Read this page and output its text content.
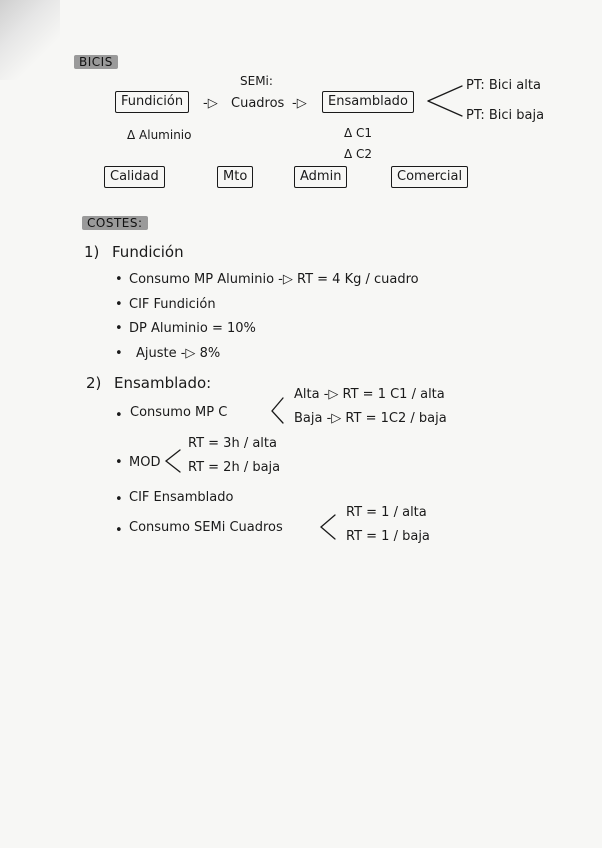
BICIS
SEMi:
Fundición	-▷ Cuadros -▷	Ensamblado
PT: Bici alta
PT: Bici baja
Δ Aluminio	Δ C1
Δ C2
Calidad	Mto	Admin	Comercial
COSTES:
1) Fundición
• Consumo MP Aluminio -▷ RT = 4 Kg / cuadro
• CIF Fundición
• DP Aluminio = 10%
• Ajuste -▷ 8%
2) Ensamblado:
• Consumo MP C
Alta -▷ RT = 1 C1 / alta
Baja -▷ RT = 1C2 / baja
• MOD
RT = 3h / alta
RT = 2h / baja
• CIF Ensamblado
• Consumo SEMi Cuadros
RT = 1 / alta
RT = 1 / baja
